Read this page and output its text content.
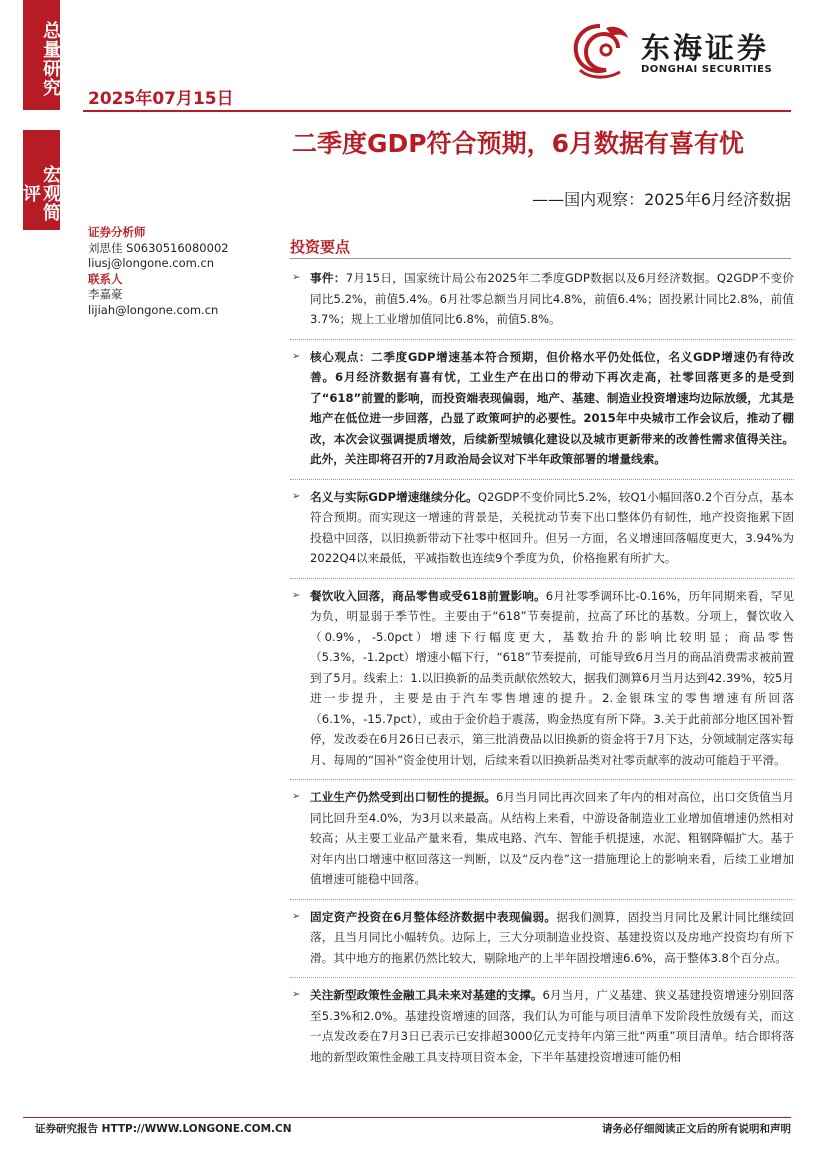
总量研究
宏观简评
2025年07月15日
东海证券
DONGHAI SECURITIES
二季度GDP符合预期，6月数据有喜有忧
——国内观察：2025年6月经济数据
证券分析师
刘思佳 S0630516080002
liusj@longone.com.cn
联系人
李嘉豪
lijiah@longone.com.cn
投资要点
➢ 事件：7月15日，国家统计局公布2025年二季度GDP数据以及6月经济数据。Q2GDP不变价同比5.2%，前值5.4%。6月社零总额当月同比4.8%，前值6.4%；固投累计同比2.8%，前值3.7%；规上工业增加值同比6.8%，前值5.8%。
➢ 核心观点：二季度GDP增速基本符合预期，但价格水平仍处低位，名义GDP增速仍有待改善。6月经济数据有喜有忧，工业生产在出口的带动下再次走高，社零回落更多的是受到了“618”前置的影响，而投资端表现偏弱，地产、基建、制造业投资增速均边际放缓，尤其是地产在低位进一步回落，凸显了政策呵护的必要性。2015年中央城市工作会议后，推动了棚改，本次会议强调提质增效，后续新型城镇化建设以及城市更新带来的改善性需求值得关注。此外，关注即将召开的7月政治局会议对下半年政策部署的增量线索。
➢ 名义与实际GDP增速继续分化。Q2GDP不变价同比5.2%，较Q1小幅回落0.2个百分点，基本符合预期。而实现这一增速的背景是，关税扰动节奏下出口整体仍有韧性，地产投资拖累下固投稳中回落，以旧换新带动下社零中枢回升。但另一方面，名义增速回落幅度更大，3.94%为2022Q4以来最低，平减指数也连续9个季度为负，价格拖累有所扩大。
➢ 餐饮收入回落，商品零售或受618前置影响。6月社零季调环比-0.16%，历年同期来看，罕见为负，明显弱于季节性。主要由于“618”节奏提前，拉高了环比的基数。分项上，餐饮收入（0.9%，-5.0pct）增速下行幅度更大，基数抬升的影响比较明显；商品零售（5.3%，-1.2pct）增速小幅下行，“618”节奏提前，可能导致6月当月的商品消费需求被前置到了5月。线索上：1.以旧换新的品类贡献依然较大，据我们测算6月当月达到42.39%，较5月进一步提升，主要是由于汽车零售增速的提升。2.金银珠宝的零售增速有所回落（6.1%，-15.7pct），或由于金价趋于震荡，购金热度有所下降。3.关于此前部分地区国补暂停，发改委在6月26日已表示，第三批消费品以旧换新的资金将于7月下达，分领域制定落实每月、每周的“国补”资金使用计划，后续来看以旧换新品类对社零贡献率的波动可能趋于平滑。
➢ 工业生产仍然受到出口韧性的提振。6月当月同比再次回来了年内的相对高位，出口交货值当月同比回升至4.0%，为3月以来最高。从结构上来看，中游设备制造业工业增加值增速仍然相对较高；从主要工业品产量来看，集成电路、汽车、智能手机提速，水泥、粗钢降幅扩大。基于对年内出口增速中枢回落这一判断，以及“反内卷”这一措施理论上的影响来看，后续工业增加值增速可能稳中回落。
➢ 固定资产投资在6月整体经济数据中表现偏弱。据我们测算，固投当月同比及累计同比继续回落，且当月同比小幅转负。边际上，三大分项制造业投资、基建投资以及房地产投资均有所下滑。其中地方的拖累仍然比较大，剔除地产的上半年固投增速6.6%，高于整体3.8个百分点。
➢ 关注新型政策性金融工具未来对基建的支撑。6月当月，广义基建、狭义基建投资增速分别回落至5.3%和2.0%。基建投资增速的回落，我们认为可能与项目清单下发阶段性放缓有关，而这一点发改委在7月3日已表示已安排超3000亿元支持年内第三批“两重”项目清单。结合即将落地的新型政策性金融工具支持项目资本金，下半年基建投资增速可能仍相
证券研究报告 HTTP://WWW.LONGONE.COM.CN	请务必仔细阅读正文后的所有说明和声明
